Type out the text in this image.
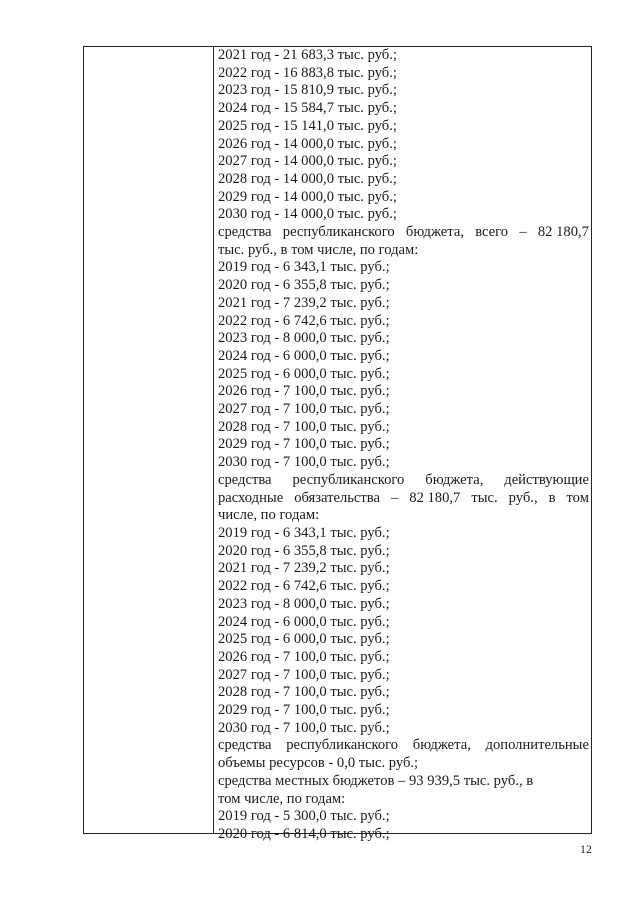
2021 год - 21 683,3 тыс. руб.;
2022 год - 16 883,8 тыс. руб.;
2023 год - 15 810,9 тыс. руб.;
2024 год - 15 584,7 тыс. руб.;
2025 год - 15 141,0 тыс. руб.;
2026 год - 14 000,0 тыс. руб.;
2027 год - 14 000,0 тыс. руб.;
2028 год - 14 000,0 тыс. руб.;
2029 год - 14 000,0 тыс. руб.;
2030 год - 14 000,0 тыс. руб.;
средства республиканского бюджета, всего – 82 180,7
тыс. руб., в том числе, по годам:
2019 год - 6 343,1 тыс. руб.;
2020 год - 6 355,8 тыс. руб.;
2021 год - 7 239,2 тыс. руб.;
2022 год - 6 742,6 тыс. руб.;
2023 год - 8 000,0 тыс. руб.;
2024 год - 6 000,0 тыс. руб.;
2025 год - 6 000,0 тыс. руб.;
2026 год - 7 100,0 тыс. руб.;
2027 год - 7 100,0 тыс. руб.;
2028 год - 7 100,0 тыс. руб.;
2029 год - 7 100,0 тыс. руб.;
2030 год - 7 100,0 тыс. руб.;
средства республиканского бюджета, действующие
расходные обязательства – 82 180,7 тыс. руб., в том
числе, по годам:
2019 год - 6 343,1 тыс. руб.;
2020 год - 6 355,8 тыс. руб.;
2021 год - 7 239,2 тыс. руб.;
2022 год - 6 742,6 тыс. руб.;
2023 год - 8 000,0 тыс. руб.;
2024 год - 6 000,0 тыс. руб.;
2025 год - 6 000,0 тыс. руб.;
2026 год - 7 100,0 тыс. руб.;
2027 год - 7 100,0 тыс. руб.;
2028 год - 7 100,0 тыс. руб.;
2029 год - 7 100,0 тыс. руб.;
2030 год - 7 100,0 тыс. руб.;
средства республиканского бюджета, дополнительные
объемы ресурсов - 0,0 тыс. руб.;
средства местных бюджетов – 93 939,5 тыс. руб., в
том числе, по годам:
2019 год - 5 300,0 тыс. руб.;
2020 год - 6 814,0 тыс. руб.;
12
